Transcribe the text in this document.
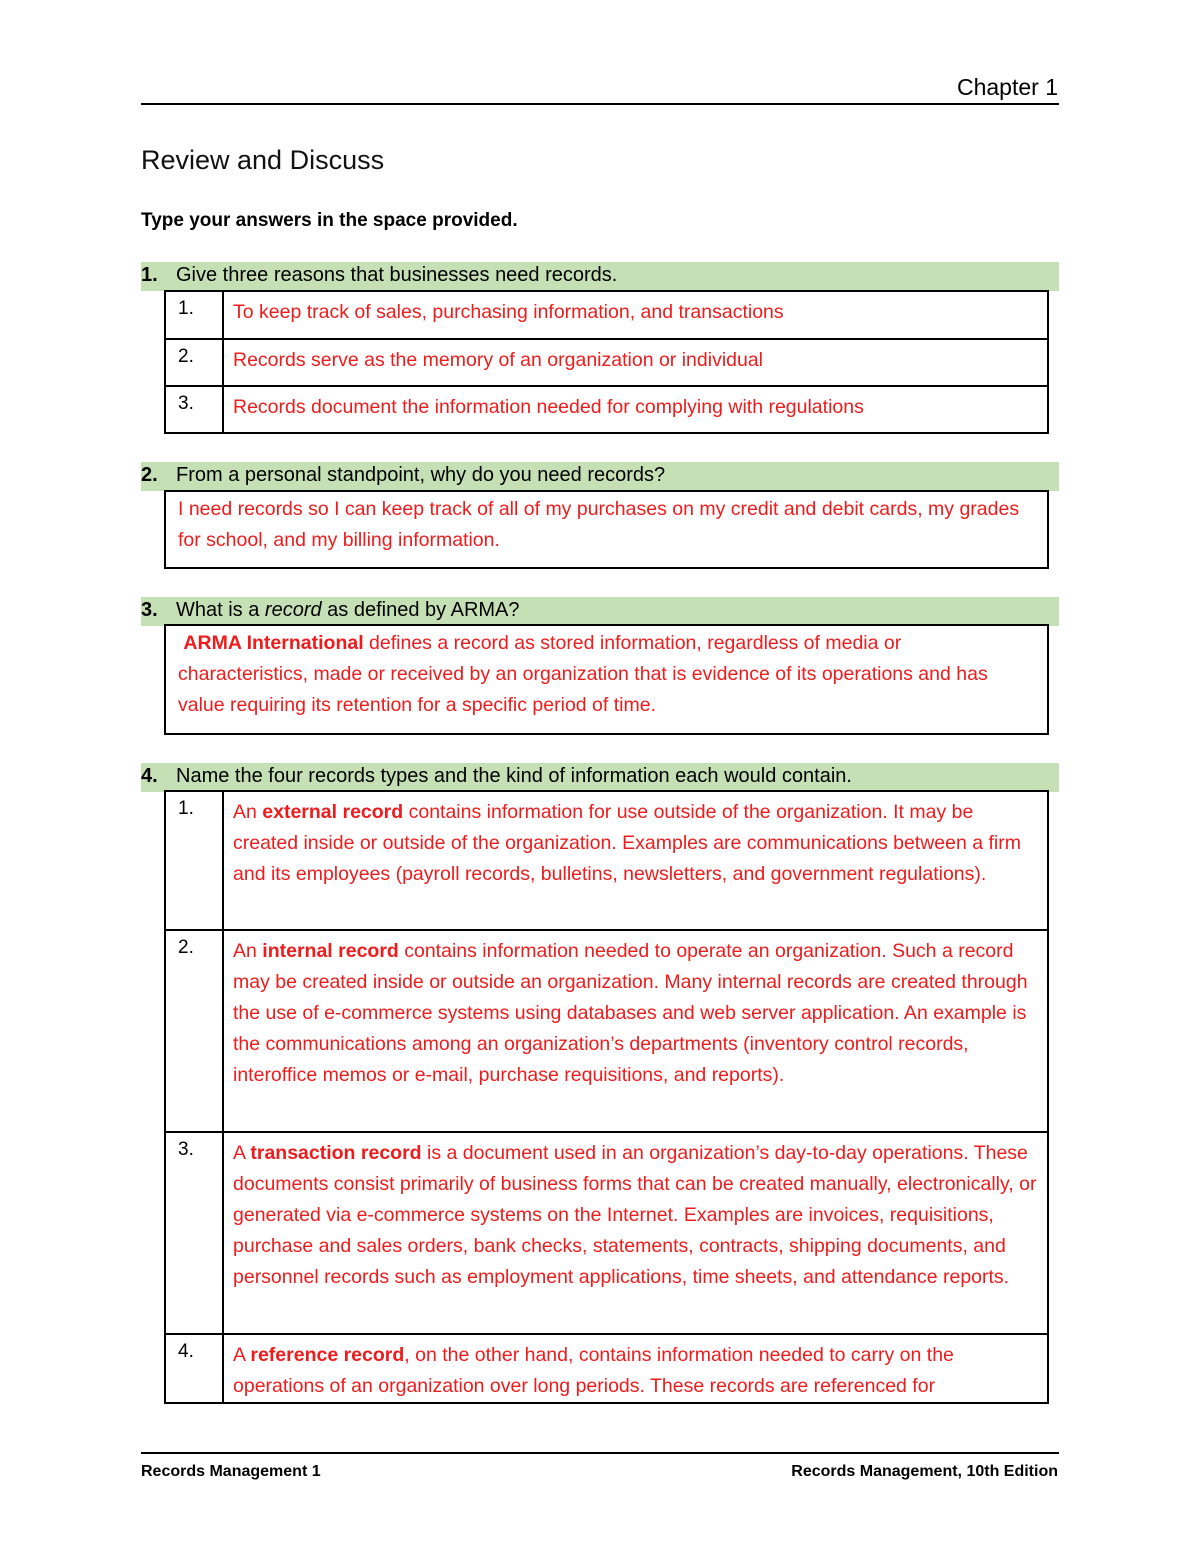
Chapter 1
Review and Discuss
Type your answers in the space provided.
1. Give three reasons that businesses need records.
1.	To keep track of sales, purchasing information, and transactions
2.	Records serve as the memory of an organization or individual
3.	Records document the information needed for complying with regulations
2. From a personal standpoint, why do you need records?
I need records so I can keep track of all of my purchases on my credit and debit cards, my grades for school, and my billing information.
3. What is a record as defined by ARMA?
ARMA International defines a record as stored information, regardless of media or characteristics, made or received by an organization that is evidence of its operations and has value requiring its retention for a specific period of time.
4. Name the four records types and the kind of information each would contain.
1.	An external record contains information for use outside of the organization. It may be created inside or outside of the organization. Examples are communications between a firm and its employees (payroll records, bulletins, newsletters, and government regulations).
2.	An internal record contains information needed to operate an organization. Such a record may be created inside or outside an organization. Many internal records are created through the use of e-commerce systems using databases and web server application. An example is the communications among an organization’s departments (inventory control records, interoffice memos or e-mail, purchase requisitions, and reports).
3.	A transaction record is a document used in an organization’s day-to-day operations. These documents consist primarily of business forms that can be created manually, electronically, or generated via e-commerce systems on the Internet. Examples are invoices, requisitions, purchase and sales orders, bank checks, statements, contracts, shipping documents, and personnel records such as employment applications, time sheets, and attendance reports.
4.	A reference record, on the other hand, contains information needed to carry on the operations of an organization over long periods. These records are referenced for
Records Management 1	Records Management, 10th Edition
